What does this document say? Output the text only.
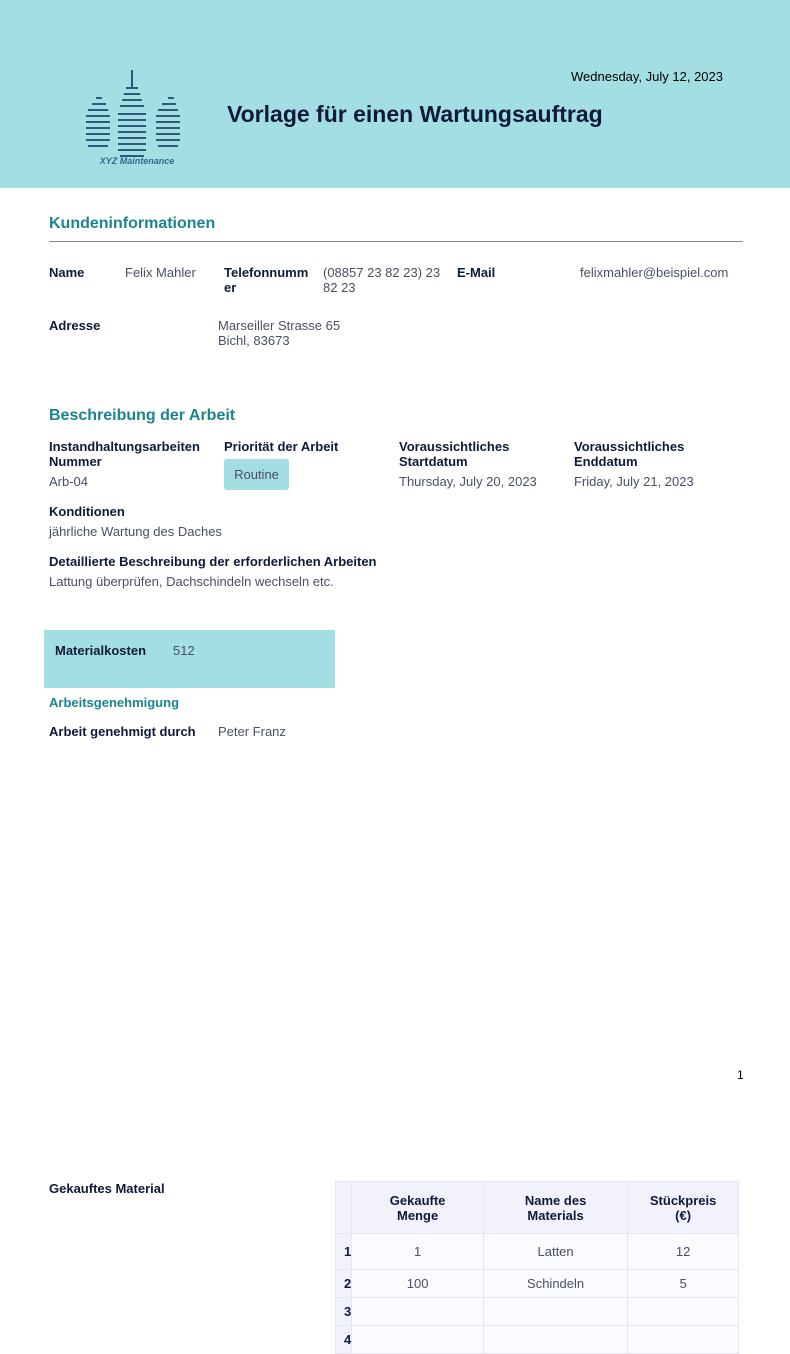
XYZ Maintenance
Wednesday, July 12, 2023
Vorlage für einen Wartungsauftrag
Kundeninformationen
Name	Felix Mahler Telefonnumm er
(08857 23 82 23) 23 82 23
E-Mail	felixmahler@beispiel.com
Adresse	Marseiller Strasse 65
Bichl, 83673
Beschreibung der Arbeit
Instandhaltungsarbeiten Nummer
Arb-04
Priorität der Arbeit
Routine
Voraussichtliches Startdatum
Thursday, July 20, 2023
Voraussichtliches Enddatum
Friday, July 21, 2023
Konditionen
jährliche Wartung des Daches
Detaillierte Beschreibung der erforderlichen Arbeiten
Lattung überprüfen, Dachschindeln wechseln etc.
Materialkosten 512
Arbeitsgenehmigung
Arbeit genehmigt durch Peter Franz
1
Gekauftes Material
	Gekaufte Menge	Name des Materials	Stückpreis (€)
1	1	Latten	12
2	100	Schindeln	5
3			
4			
